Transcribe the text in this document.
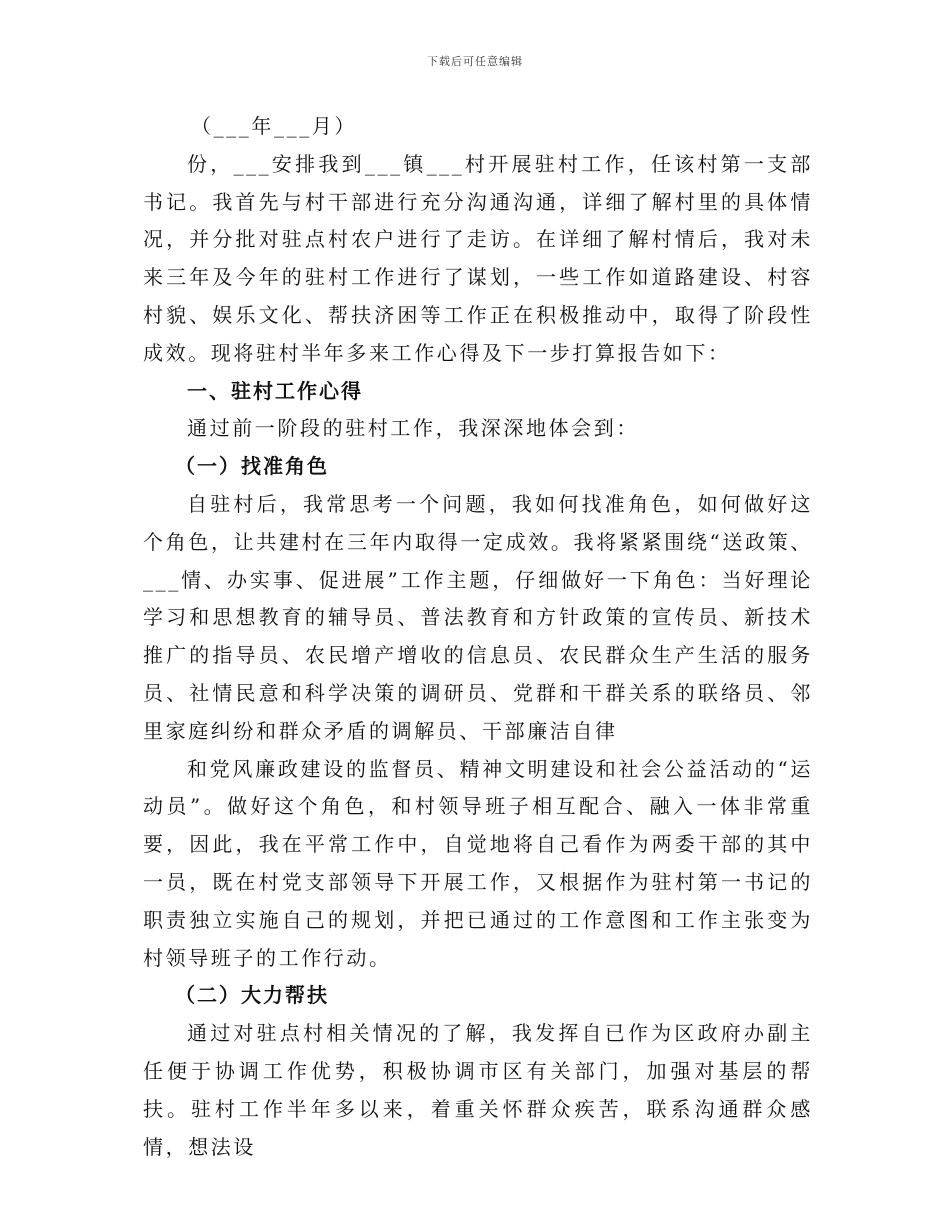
下载后可任意编辑

（___年___月）

份，___安排我到___镇___村开展驻村工作，任该村第一支部书记。我首先与村干部进行充分沟通沟通，详细了解村里的具体情况，并分批对驻点村农户进行了走访。在详细了解村情后，我对未来三年及今年的驻村工作进行了谋划，一些工作如道路建设、村容村貌、娱乐文化、帮扶济困等工作正在积极推动中，取得了阶段性成效。现将驻村半年多来工作心得及下一步打算报告如下：

一、驻村工作心得

通过前一阶段的驻村工作，我深深地体会到：

（一）找准角色

自驻村后，我常思考一个问题，我如何找准角色，如何做好这个角色，让共建村在三年内取得一定成效。我将紧紧围绕“送政策、___情、办实事、促进展”工作主题，仔细做好一下角色：当好理论学习和思想教育的辅导员、普法教育和方针政策的宣传员、新技术推广的指导员、农民增产增收的信息员、农民群众生产生活的服务员、社情民意和科学决策的调研员、党群和干群关系的联络员、邻里家庭纠纷和群众矛盾的调解员、干部廉洁自律

和党风廉政建设的监督员、精神文明建设和社会公益活动的“运动员”。做好这个角色，和村领导班子相互配合、融入一体非常重要，因此，我在平常工作中，自觉地将自己看作为两委干部的其中一员，既在村党支部领导下开展工作，又根据作为驻村第一书记的职责独立实施自己的规划，并把已通过的工作意图和工作主张变为村领导班子的工作行动。

（二）大力帮扶

通过对驻点村相关情况的了解，我发挥自已作为区政府办副主任便于协调工作优势，积极协调市区有关部门，加强对基层的帮扶。驻村工作半年多以来，着重关怀群众疾苦，联系沟通群众感情，想法设
